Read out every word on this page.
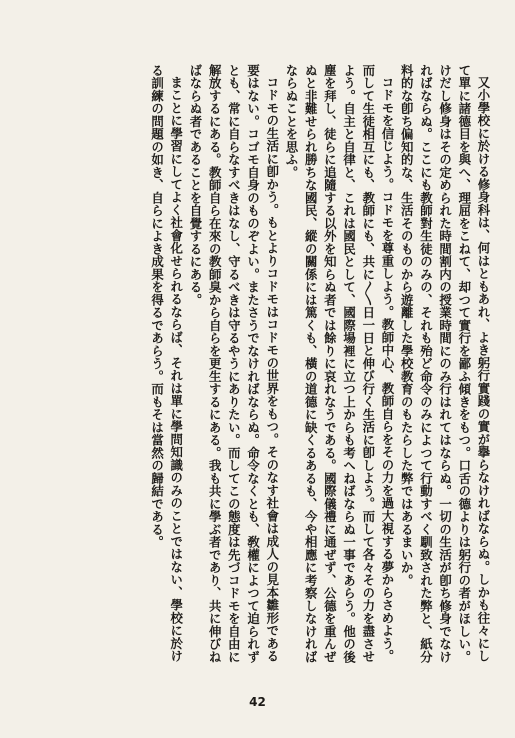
又小學校に於ける修身科は、何はともあれ、よき躬行實踐の實が擧らなければならぬ。しかも往々にして單に諸德目を與へ、理屈をこねて、却つて實行を鄙ふ傾きをもつ。口舌の德よりは躬行の者がほしい。けだし修身はその定められた時間割内の授業時間にのみ行はれてはならぬ。一切の生活が卽ち修身でなければならぬ。ここにも教師對生徒のみの、それも殆ど命令のみによつて行動すべく馴致された弊と、紙分料的な卽ち偏知的な、生活そのものから遊離した學校教育のもたらした弊ではあるまいか。

コドモを信じよう。コドモを尊重しよう。教師中心、教師自らをその力を過大視する夢からさめよう。而して生徒相互にも、教師にも、共に〳〵日一日と伸び行く生活に卽しよう。而して各々その力を盡させよう。自主と自律と、これは國民として、國際場裡に立つ上からも考へねばならぬ一事であらう。他の後塵を拜し、徒らに追隨する以外を知らぬ者では餘りに哀れなうである。國際儀禮に通ぜず、公德を重んぜぬと非難せられ勝ちな國民、縱の關係には篤くも、橫の道德に缺くるあるも、今や相應に考察しなければならぬことを思ふ。

コドモの生活に卽かう。もとよりコドモはコドモの世界をもつ。そのなす社會は成人の見本雛形である要はない。コゴモ自身のものぞよい。またさうでなければならぬ。命令なくとも、敎權によつて迫られずとも、常に自らなすべきはなし、守るべきは守るやうにありたい。而してこの態度は先づコドモを自由に解放するにある。教師自ら在來の教師臭から自らを更生するにある。我も共に學ぶ者であり、共に伸びねばならぬ者であることを自覺するにある。

まことに學習にしてよく社會化せられるならば、それは單に學問知識のみのことではない、學校に於ける訓練の問題の如き、自らによき成果を得るであらう。而もそは當然の歸結である。

42
